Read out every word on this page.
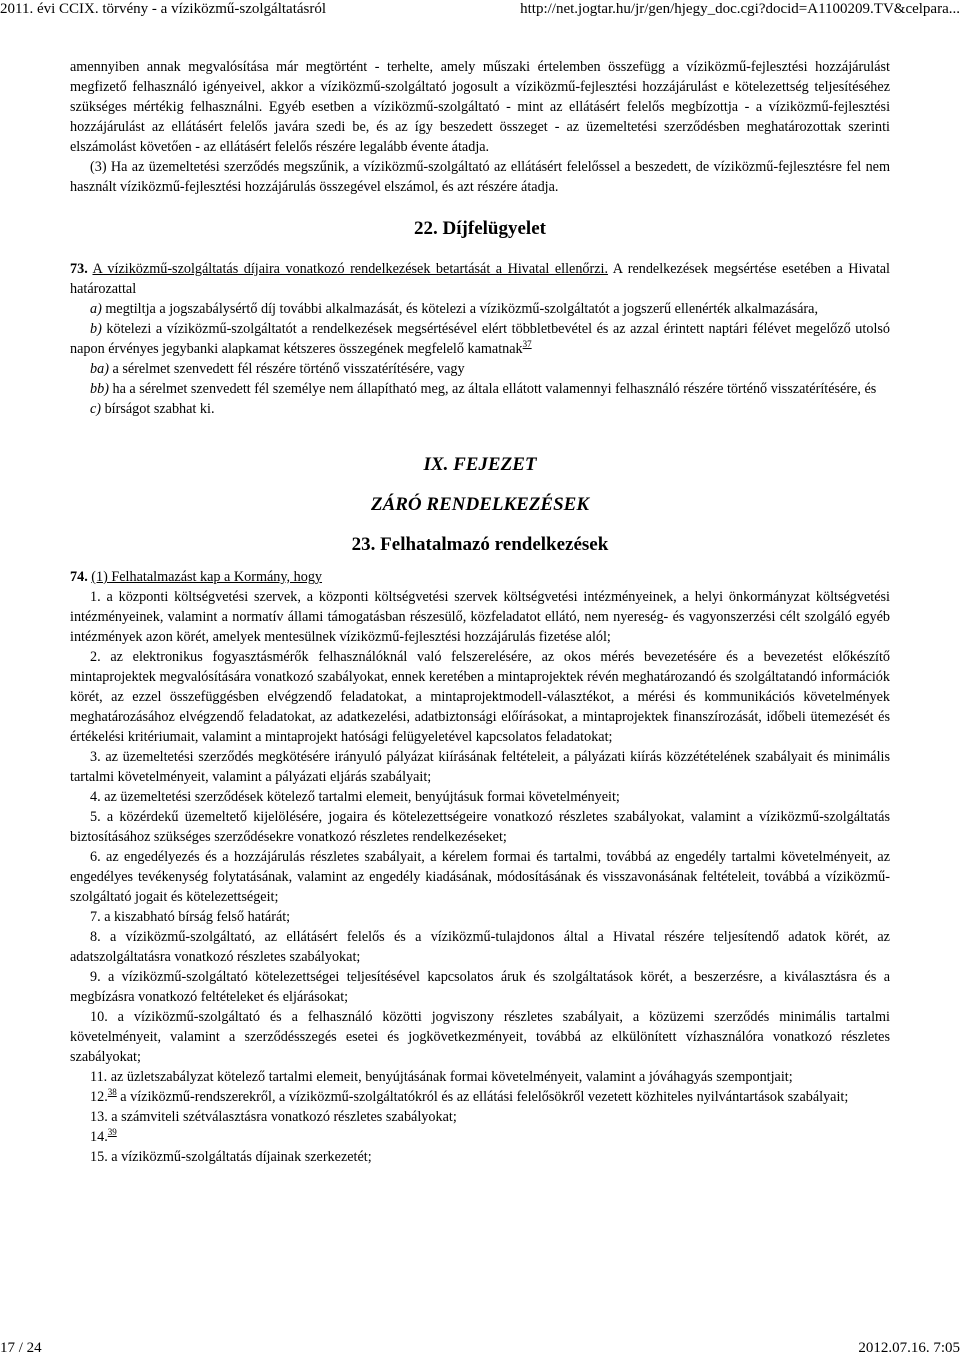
2011. évi CCIX. törvény - a víziközmű-szolgáltatásról	http://net.jogtar.hu/jr/gen/hjegy_doc.cgi?docid=A1100209.TV&celpara...

amennyiben annak megvalósítása már megtörtént - terhelte, amely műszaki értelemben összefügg a víziközmű-fejlesztési hozzájárulást megfizető felhasználó igényeivel, akkor a víziközmű-szolgáltató jogosult a víziközmű-fejlesztési hozzájárulást e kötelezettség teljesítéséhez szükséges mértékig felhasználni. Egyéb esetben a víziközmű-szolgáltató - mint az ellátásért felelős megbízottja - a víziközmű-fejlesztési hozzájárulást az ellátásért felelős javára szedi be, és az így beszedett összeget - az üzemeltetési szerződésben meghatározottak szerinti elszámolást követően - az ellátásért felelős részére legalább évente átadja.

(3) Ha az üzemeltetési szerződés megszűnik, a víziközmű-szolgáltató az ellátásért felelőssel a beszedett, de víziközmű-fejlesztésre fel nem használt víziközmű-fejlesztési hozzájárulás összegével elszámol, és azt részére átadja.

22. Díjfelügyelet

73. A víziközmű-szolgáltatás díjaira vonatkozó rendelkezések betartását a Hivatal ellenőrzi. A rendelkezések megsértése esetében a Hivatal határozattal

a) megtiltja a jogszabálysértő díj további alkalmazását, és kötelezi a víziközmű-szolgáltatót a jogszerű ellenérték alkalmazására,

b) kötelezi a víziközmű-szolgáltatót a rendelkezések megsértésével elért többletbevétel és az azzal érintett naptári félévet megelőző utolsó napon érvényes jegybanki alapkamat kétszeres összegének megfelelő kamatnak$^{37}$

ba) a sérelmet szenvedett fél részére történő visszatérítésére, vagy

bb) ha a sérelmet szenvedett fél személye nem állapítható meg, az általa ellátott valamennyi felhasználó részére történő visszatérítésére, és

c) bírságot szabhat ki.

IX. FEJEZET
ZÁRÓ RENDELKEZÉSEK
23. Felhatalmazó rendelkezések

74. (1) Felhatalmazást kap a Kormány, hogy

1. a központi költségvetési szervek, a központi költségvetési szervek költségvetési intézményeinek, a helyi önkormányzat költségvetési intézményeinek, valamint a normatív állami támogatásban részesülő, közfeladatot ellátó, nem nyereség- és vagyonszerzési célt szolgáló egyéb intézmények azon körét, amelyek mentesülnek víziközmű-fejlesztési hozzájárulás fizetése alól;

2. az elektronikus fogyasztásmérők felhasználóknál való felszerelésére, az okos mérés bevezetésére és a bevezetést előkészítő mintaprojektek megvalósítására vonatkozó szabályokat, ennek keretében a mintaprojektek révén meghatározandó és szolgáltatandó információk körét, az ezzel összefüggésben elvégzendő feladatokat, a mintaprojektmodell-választékot, a mérési és kommunikációs követelmények meghatározásához elvégzendő feladatokat, az adatkezelési, adatbiztonsági előírásokat, a mintaprojektek finanszírozását, időbeli ütemezését és értékelési kritériumait, valamint a mintaprojekt hatósági felügyeletével kapcsolatos feladatokat;

3. az üzemeltetési szerződés megkötésére irányuló pályázat kiírásának feltételeit, a pályázati kiírás közzétételének szabályait és minimális tartalmi követelményeit, valamint a pályázati eljárás szabályait;

4. az üzemeltetési szerződések kötelező tartalmi elemeit, benyújtásuk formai követelményeit;

5. a közérdekű üzemeltető kijelölésére, jogaira és kötelezettségeire vonatkozó részletes szabályokat, valamint a víziközmű-szolgáltatás biztosításához szükséges szerződésekre vonatkozó részletes rendelkezéseket;

6. az engedélyezés és a hozzájárulás részletes szabályait, a kérelem formai és tartalmi, továbbá az engedély tartalmi követelményeit, az engedélyes tevékenység folytatásának, valamint az engedély kiadásának, módosításának és visszavonásának feltételeit, továbbá a víziközmű-szolgáltató jogait és kötelezettségeit;

7. a kiszabható bírság felső határát;

8. a víziközmű-szolgáltató, az ellátásért felelős és a víziközmű-tulajdonos által a Hivatal részére teljesítendő adatok körét, az adatszolgáltatásra vonatkozó részletes szabályokat;

9. a víziközmű-szolgáltató kötelezettségei teljesítésével kapcsolatos áruk és szolgáltatások körét, a beszerzésre, a kiválasztásra és a megbízásra vonatkozó feltételeket és eljárásokat;

10. a víziközmű-szolgáltató és a felhasználó közötti jogviszony részletes szabályait, a közüzemi szerződés minimális tartalmi követelményeit, valamint a szerződésszegés esetei és jogkövetkezményeit, továbbá az elkülönített vízhasználóra vonatkozó részletes szabályokat;

11. az üzletszabályzat kötelező tartalmi elemeit, benyújtásának formai követelményeit, valamint a jóváhagyás szempontjait;

12.38 a víziközmű-rendszerekről, a víziközmű-szolgáltatókról és az ellátási felelősökről vezetett közhiteles nyilvántartások szabályait;

13. a számviteli szétválasztásra vonatkozó részletes szabályokat;

14.39

15. a víziközmű-szolgáltatás díjainak szerkezetét;

17 / 24	2012.07.16. 7:05
